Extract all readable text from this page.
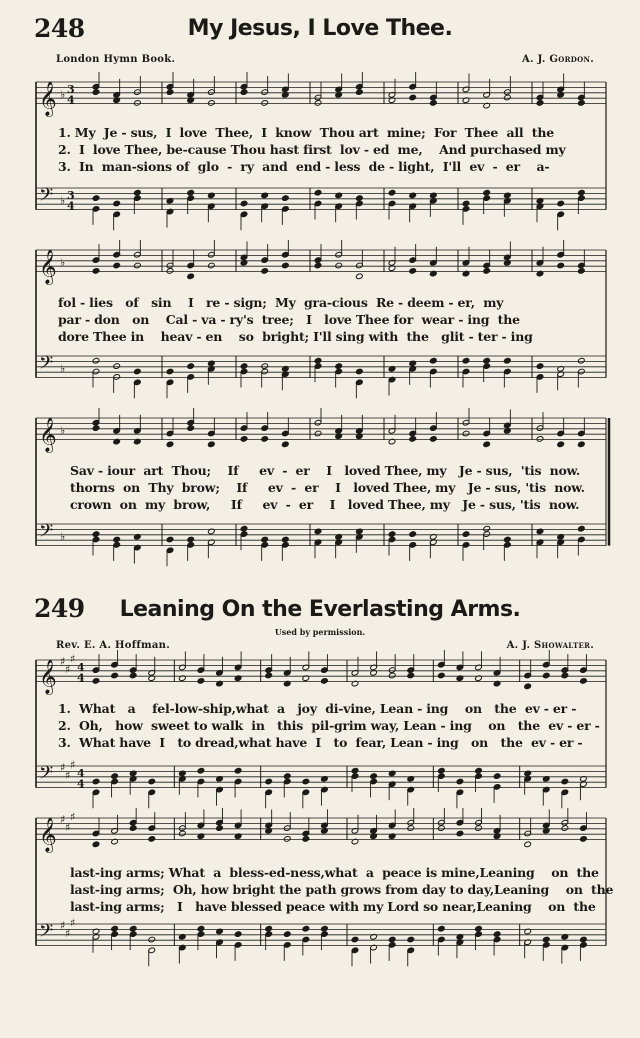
248	My Jesus, I Love Thee.
London Hymn Book.	A. J. Gordon.
𝄞 ♭ 3
4
𝄢 ♭ 3
4
1. My  Je - sus,  I  love  Thee,  I  know  Thou art  mine;  For  Thee  all  the
2.  I  love Thee, be-cause Thou hast first  lov - ed  me,    And purchased my
3.  In  man-sions of  glo  -  ry  and  end - less  de - light,  I'll  ev  -  er    a-
𝄞 ♭
𝄢 ♭
fol - lies   of   sin    I   re - sign;  My  gra-cious  Re - deem - er,  my
par - don   on    Cal - va - ry's  tree;   I   love Thee for  wear - ing  the
dore Thee in    heav - en    so  bright; I'll sing with  the   glit - ter - ing
𝄞 ♭
𝄢 ♭
Sav - iour  art  Thou;    If     ev  -  er    I   loved Thee, my   Je - sus,  'tis  now.
thorns  on  Thy  brow;    If     ev  -  er    I   loved Thee, my   Je - sus, 'tis  now.
crown  on  my  brow,     If     ev  -  er    I   loved Thee, my   Je - sus, 'tis  now.
249	Leaning On the Everlasting Arms.
Used by permission.
Rev. E. A. Hoffman.	A. J. Showalter.
𝄞 ♯
♯
♯
4
4
𝄢 ♯
♯
♯
4
4
1.  What   a    fel-low-ship,what  a   joy  di-vine, Lean - ing    on   the  ev - er -
2.  Oh,   how  sweet to walk  in   this  pil-grim way, Lean - ing    on   the  ev - er -
3.  What have  I   to dread,what have  I   to  fear, Lean - ing   on   the  ev - er -
𝄞 ♯
♯
♯
𝄢 ♯
♯
♯
last-ing arms; What  a  bless-ed-ness,what  a  peace is mine,Leaning    on  the
last-ing arms;  Oh, how bright the path grows from day to day,Leaning    on  the
last-ing arms;   I   have blessed peace with my Lord so near,Leaning    on  the
